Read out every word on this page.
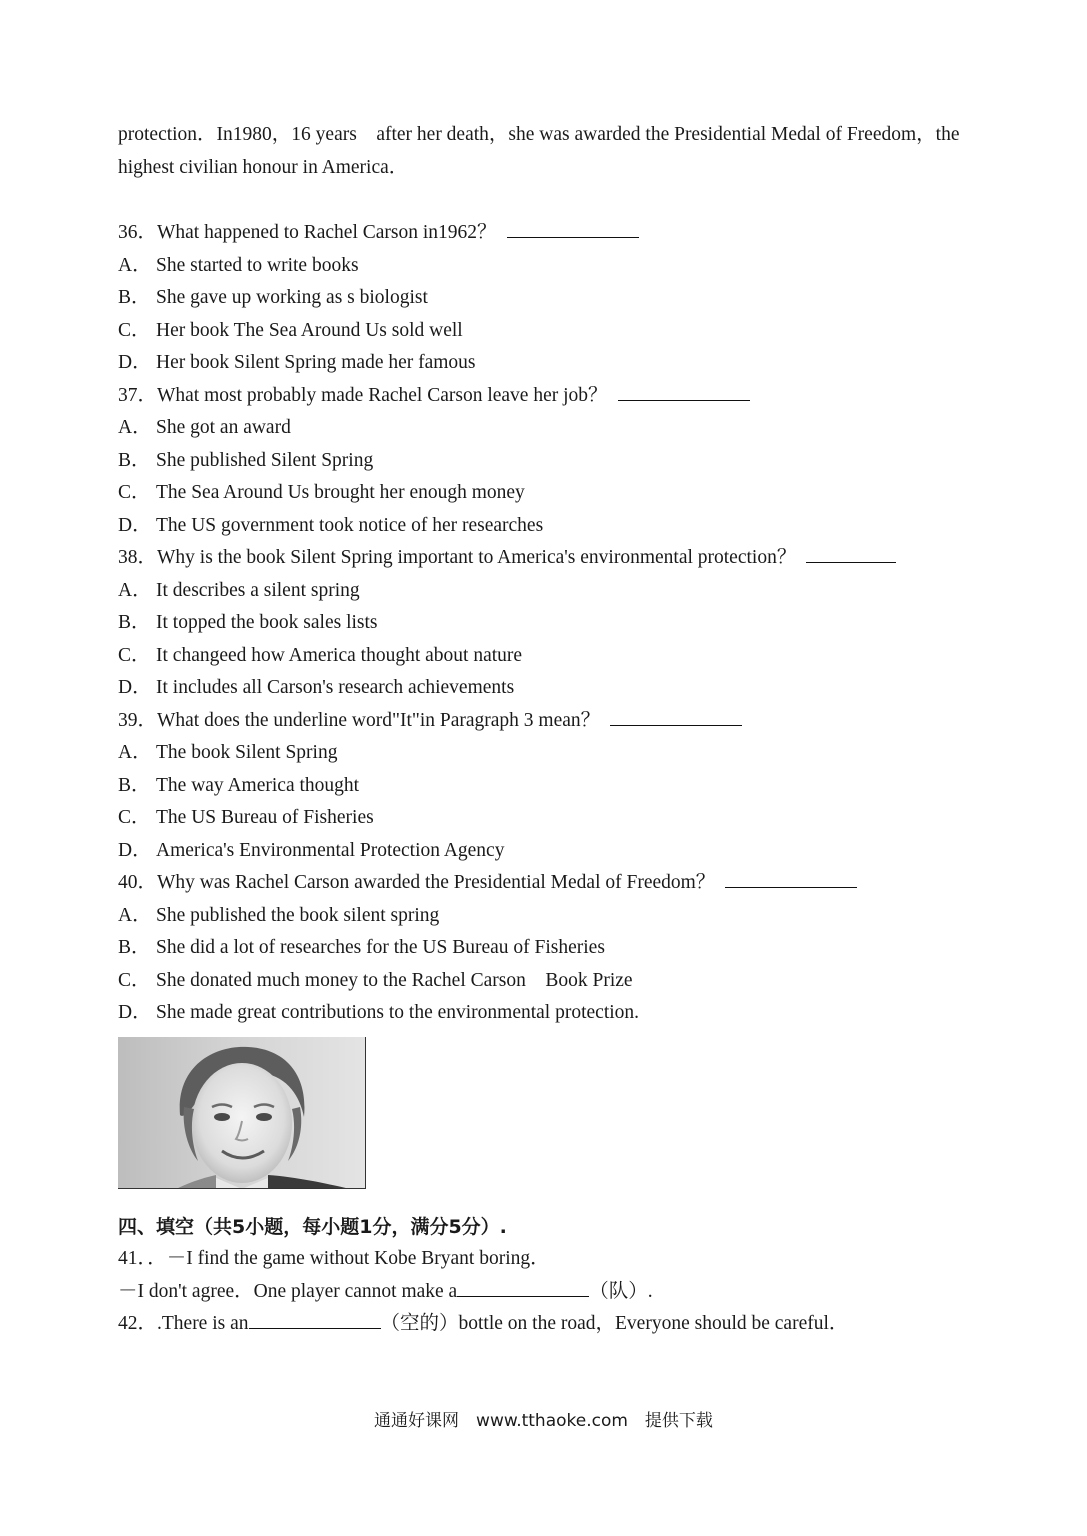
protection．In1980，16 years　after her death，she was awarded the Presidential Medal of Freedom，the highest civilian honour in America．

36．What happened to Rachel Carson in1962？
A． She started to write books
B． She gave up working as s biologist
C． Her book The Sea Around Us sold well
D． Her book Silent Spring made her famous
37．What most probably made Rachel Carson leave her job？
A． She got an award
B． She published Silent Spring
C． The Sea Around Us brought her enough money
D． The US government took notice of her researches
38．Why is the book Silent Spring important to America's environmental protection？
A． It describes a silent spring
B． It topped the book sales lists
C． It changeed how America thought about nature
D． It includes all Carson's research achievements
39．What does the underline word"It"in Paragraph 3 mean？
A． The book Silent Spring
B． The way America thought
C． The US Bureau of Fisheries
D． America's Environmental Protection Agency
40．Why was Rachel Carson awarded the Presidential Medal of Freedom？
A． She published the book silent spring
B． She did a lot of researches for the US Bureau of Fisheries
C． She donated much money to the Rachel Carson　Book Prize
D． She made great contributions to the environmental protection.
四、填空（共5小题，每小题1分，满分5分）.
41．．－I find the game without Kobe Bryant boring．
－I don't agree．One player cannot make a	（队）.
42．.There is an	（空的）bottle on the road，Everyone should be careful．
通通好课网　www.tthaoke.com　提供下载
